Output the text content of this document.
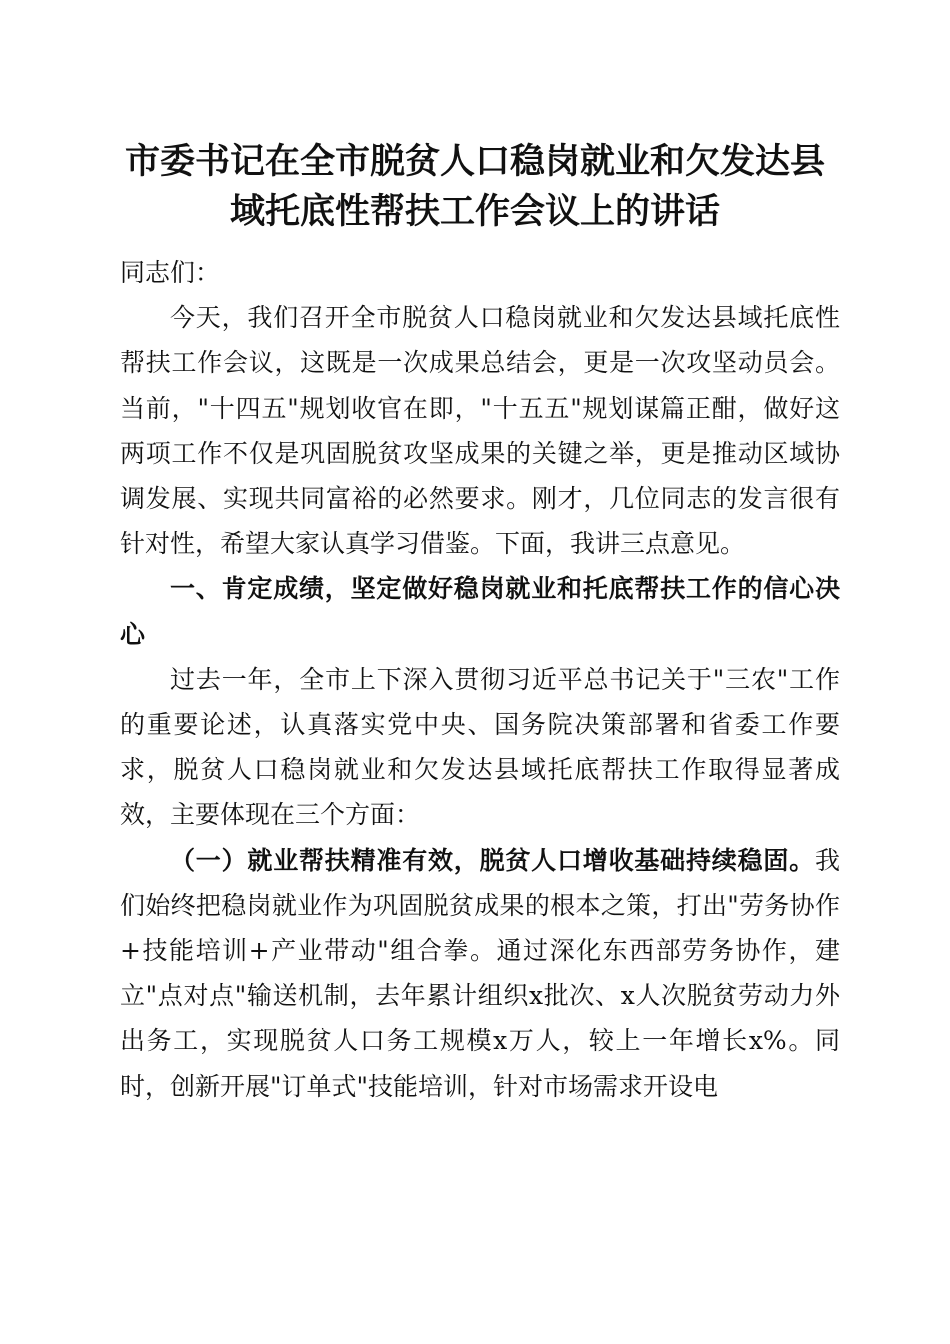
市委书记在全市脱贫人口稳岗就业和欠发达县
域托底性帮扶工作会议上的讲话

同志们：

今天，我们召开全市脱贫人口稳岗就业和欠发达县域托底性帮扶工作会议，这既是一次成果总结会，更是一次攻坚动员会。当前，"十四五"规划收官在即，"十五五"规划谋篇正酣，做好这两项工作不仅是巩固脱贫攻坚成果的关键之举，更是推动区域协调发展、实现共同富裕的必然要求。刚才，几位同志的发言很有针对性，希望大家认真学习借鉴。下面，我讲三点意见。

一、肯定成绩，坚定做好稳岗就业和托底帮扶工作的信心决心

过去一年，全市上下深入贯彻习近平总书记关于"三农"工作的重要论述，认真落实党中央、国务院决策部署和省委工作要求，脱贫人口稳岗就业和欠发达县域托底帮扶工作取得显著成效，主要体现在三个方面：

（一）就业帮扶精准有效，脱贫人口增收基础持续稳固。我们始终把稳岗就业作为巩固脱贫成果的根本之策，打出"劳务协作+技能培训+产业带动"组合拳。通过深化东西部劳务协作，建立"点对点"输送机制，去年累计组织x批次、x人次脱贫劳动力外出务工，实现脱贫人口务工规模x万人，较上一年增长x%。同时，创新开展"订单式"技能培训，针对市场需求开设电
